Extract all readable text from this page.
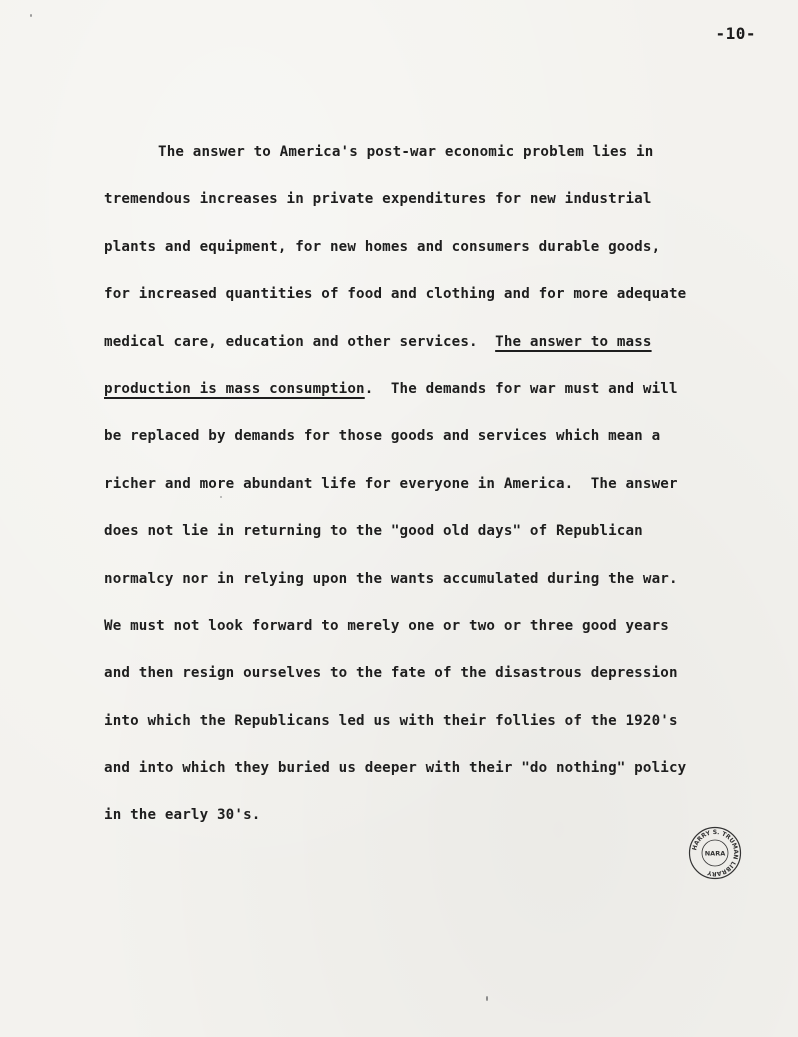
-10-
The answer to America's post-war economic problem lies in
tremendous increases in private expenditures for new industrial
plants and equipment, for new homes and consumers durable goods,
for increased quantities of food and clothing and for more adequate
medical care, education and other services. The answer to mass
production is mass consumption.  The demands for war must and will
be replaced by demands for those goods and services which mean a
richer and more abundant life for everyone in America.  The answer
does not lie in returning to the "good old days" of Republican
normalcy nor in relying upon the wants accumulated during the war.
We must not look forward to merely one or two or three good years
and then resign ourselves to the fate of the disastrous depression
into which the Republicans led us with their follies of the 1920's
and into which they buried us deeper with their "do nothing" policy
in the early 30's.
HARRY S. TRUMAN LIBRARY
NARA
